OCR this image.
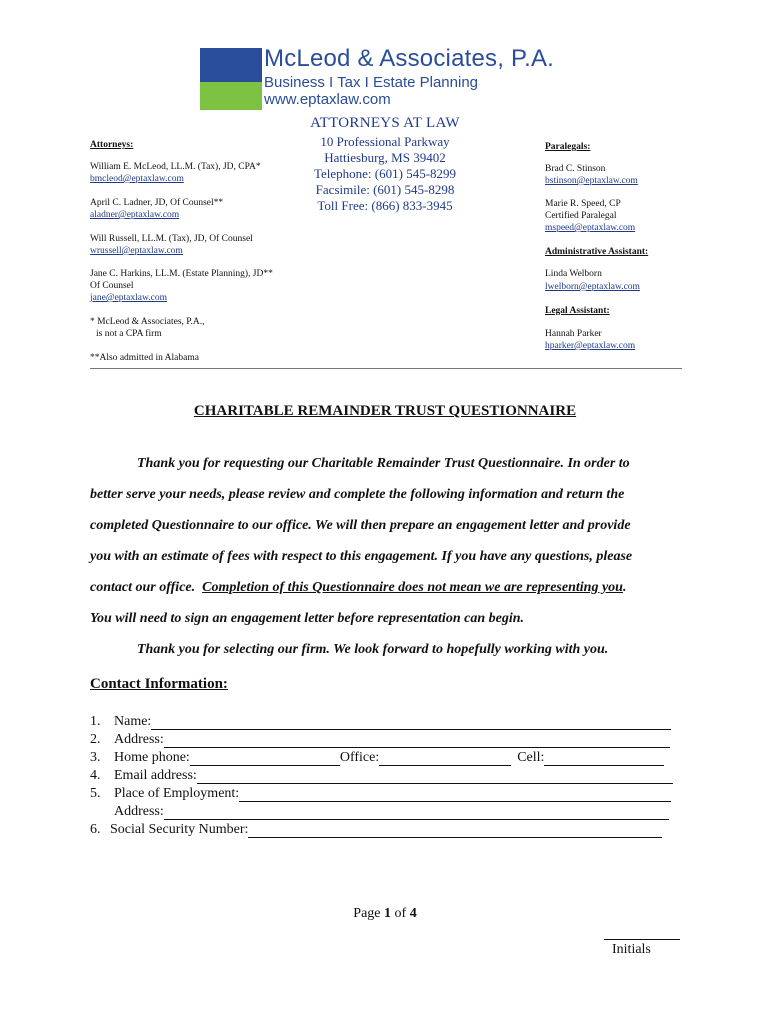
McLeod & Associates, P.A.
Business I Tax I Estate Planning
www.eptaxlaw.com
ATTORNEYS AT LAW
10 Professional Parkway
Hattiesburg, MS 39402
Telephone: (601) 545-8299
Facsimile: (601) 545-8298
Toll Free: (866) 833-3945
Attorneys:
William E. McLeod, LL.M. (Tax), JD, CPA*
bmcleod@eptaxlaw.com
April C. Ladner, JD, Of Counsel**
aladner@eptaxlaw.com
Will Russell, LL.M. (Tax), JD, Of Counsel
wrussell@eptaxlaw.com
Jane C. Harkins, LL.M. (Estate Planning), JD**
Of Counsel
jane@eptaxlaw.com
* McLeod & Associates, P.A.,
is not a CPA firm
**Also admitted in Alabama
Paralegals:
Brad C. Stinson
bstinson@eptaxlaw.com
Marie R. Speed, CP
Certified Paralegal
mspeed@eptaxlaw.com
Administrative Assistant:
Linda Welborn
lwelborn@eptaxlaw.com
Legal Assistant:
Hannah Parker
hparker@eptaxlaw.com
CHARITABLE REMAINDER TRUST QUESTIONNAIRE

Thank you for requesting our Charitable Remainder Trust Questionnaire. In order to

better serve your needs, please review and complete the following information and return the

completed Questionnaire to our office. We will then prepare an engagement letter and provide

you with an estimate of fees with respect to this engagement. If you have any questions, please

contact our office.  Completion of this Questionnaire does not mean we are representing you.

You will need to sign an engagement letter before representation can begin.

Thank you for selecting our firm. We look forward to hopefully working with you.

Contact Information:
1. Name:
2. Address:
3. Home phone:	Office:	Cell:
4. Email address:
5. Place of Employment:
Address:
6. Social Security Number:
Page 1 of 4
Initials
